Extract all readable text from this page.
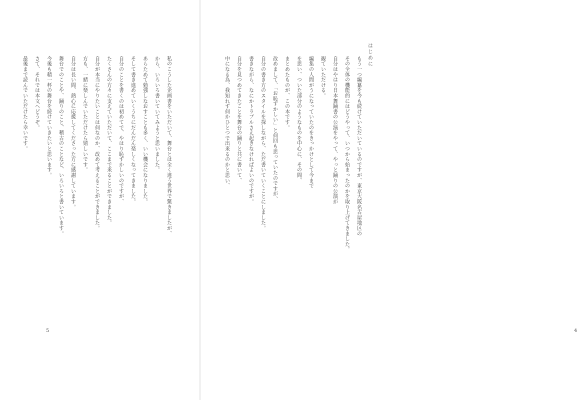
私のこうした企画書をいただいて、舞台とは全く違う世界で驚きましたが、
から、いろいろ書いていてみようと思いました。
あらためて勉強しなおすことも多く、いい機会になりました。
そして書き進めていくうちにだんだん楽しくなってきました。
自分のことを書くのは初めてで、やはり恥ずかしいのですが、
たくさんの方々に支えていただいて、ここまで来ることができました。
自分が本当にやりたいことは何なのか、改めて考えることができました。
方も、一緒に楽しんでいただけたら嬉しいです。
自分は長い間、熱心に応援してくださった方に感謝しています。
舞台でのことや、踊りのこと、稽古のことなど、いろいろと書いています。
今後も精一杯の舞台を続けていきたいと思います。
さて、それでは本文へどうぞ。
最後まで読んでいただけたら幸いです。
5
はじめに
もう一つ編纂を今も続けていただいているのですが、東京大阪名古屋地区の
その全体の機能的にはどうやって、いつから始まったのかを取り上げてきました。
自分はやはり日本舞踊書の公演をやって、やっと踊りの公演が
観ていただける。
編集の人間がうになっていたのをきっかけとして今まで
を思い、ついた部分のようなものを中心に、その間、
まとめたものが、この本です。
改めまして、「お恥ずかしい」と何回も思っていたのですが、
自分の書き方のスタイルを探しながら、ただ書いていくことにしました。
書きながら、なにかトラブルさえ起きなければよいのですが。
自分を見つめてきたことを舞台の踊りと共に書いて、
中になる為、我知れず何かひとつで出来るのかと思い、
4
